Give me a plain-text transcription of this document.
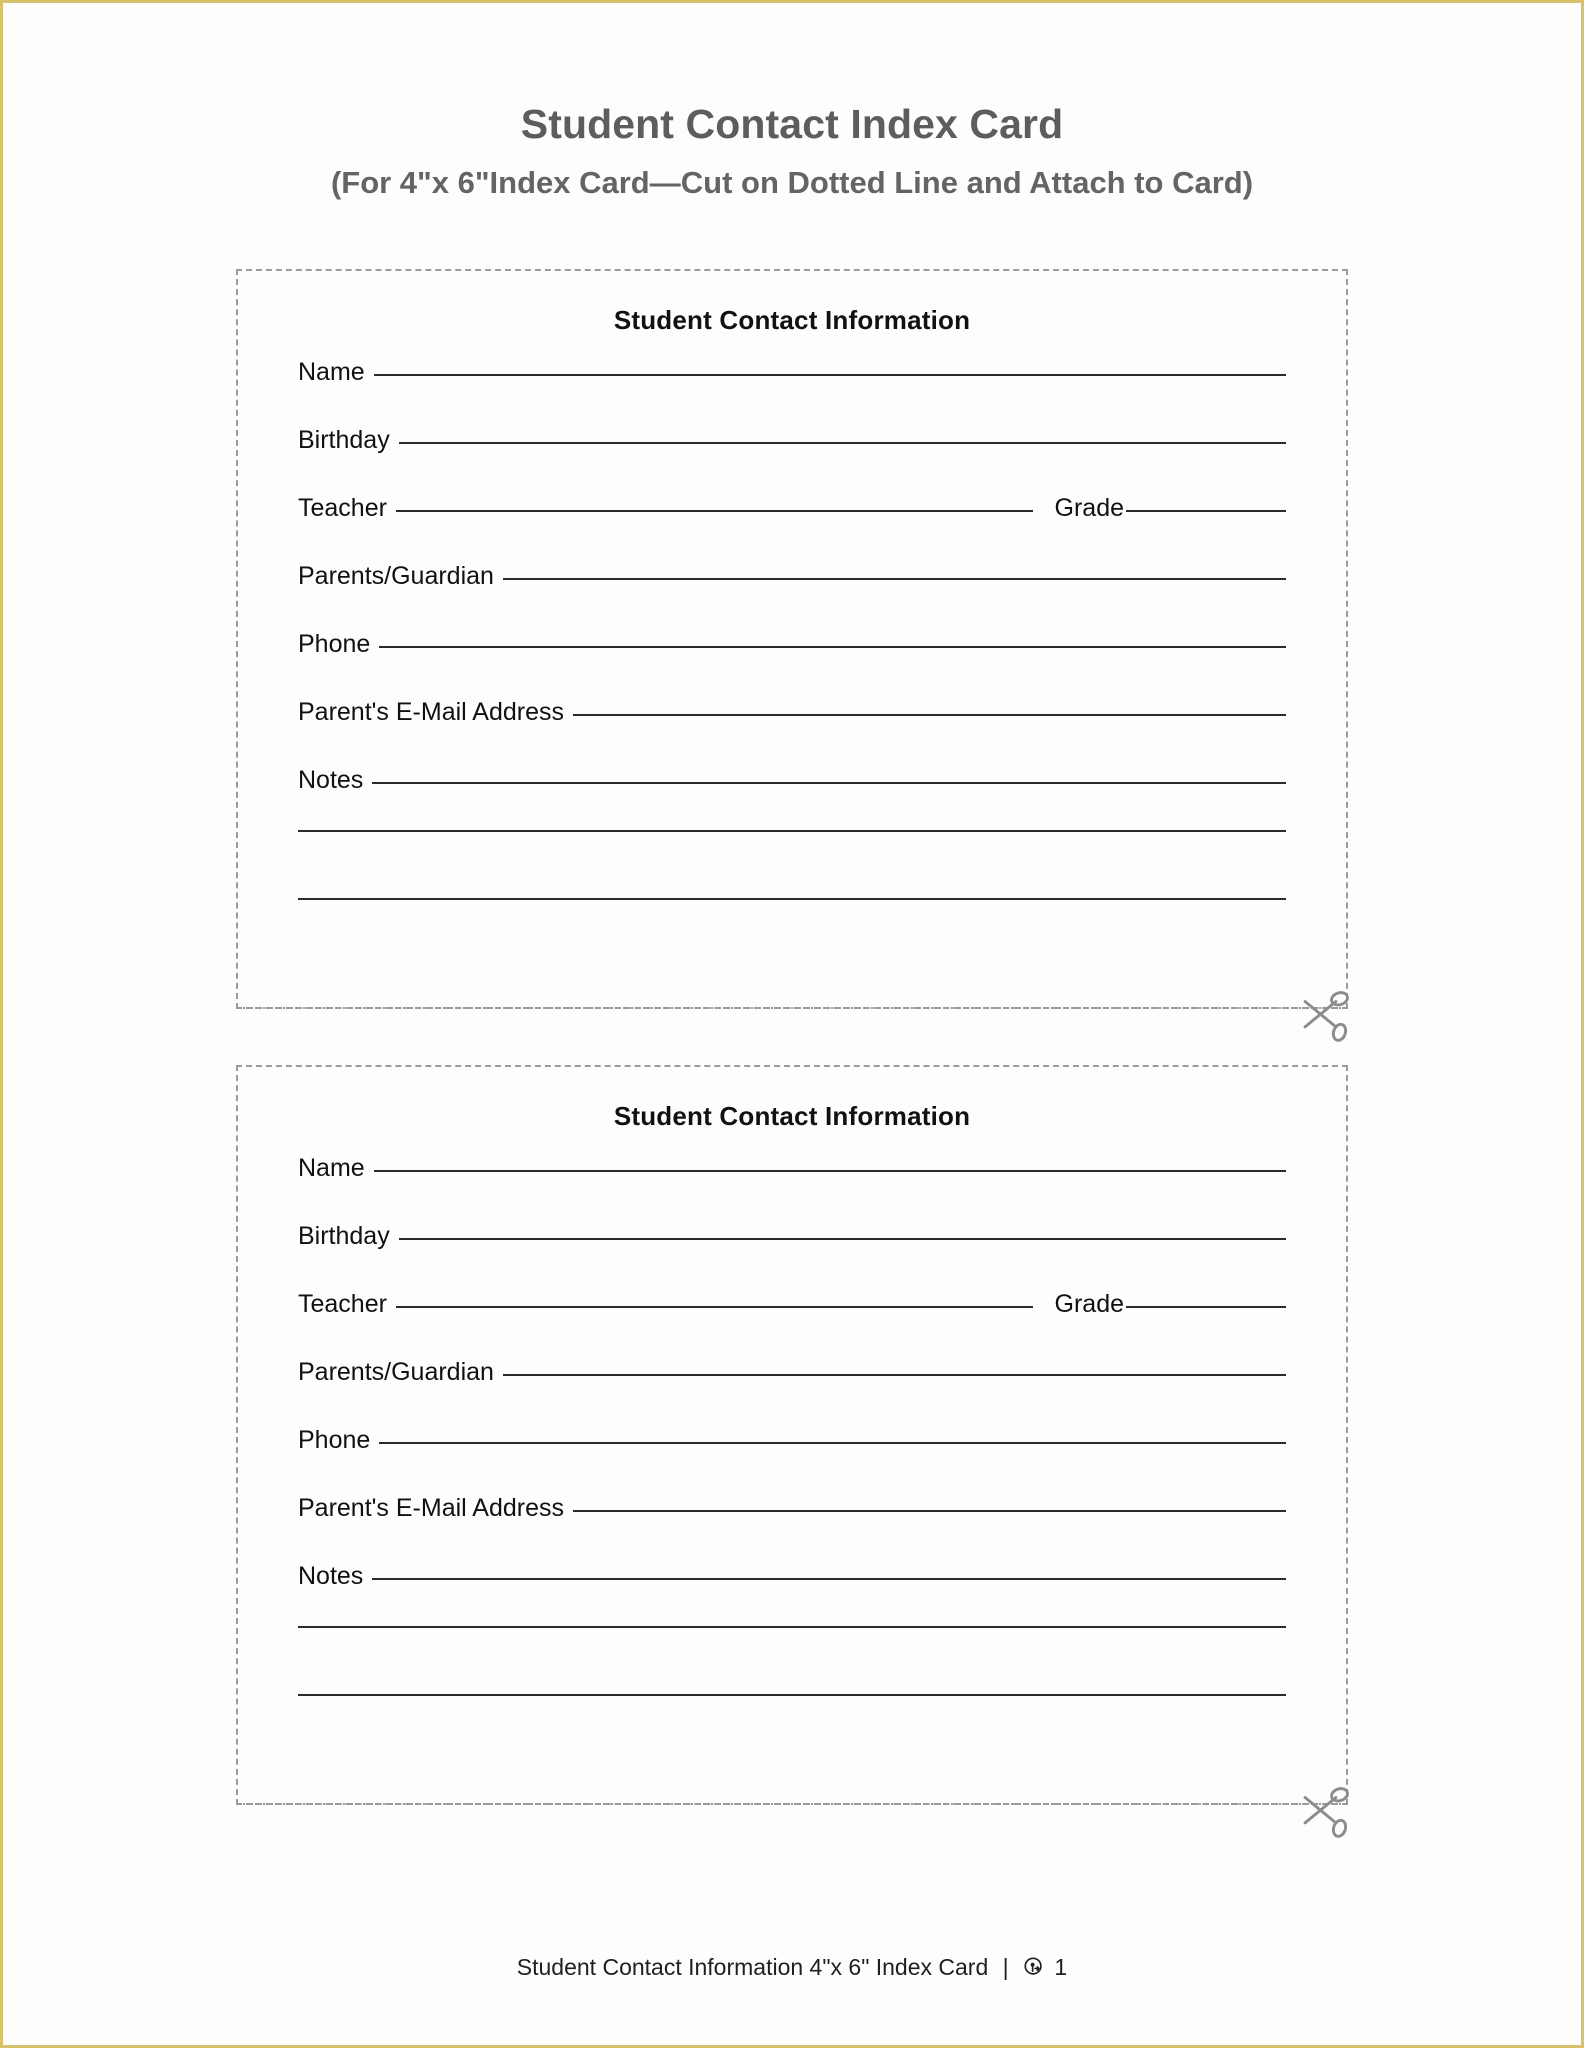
Student Contact Index Card
(For 4"x 6"Index Card—Cut on Dotted Line and Attach to Card)
Student Contact Information
Name
Birthday
Teacher	Grade
Parents/Guardian
Phone
Parent's E-Mail Address
Notes
Student Contact Information
Name
Birthday
Teacher	Grade
Parents/Guardian
Phone
Parent's E-Mail Address
Notes
Student Contact Information 4"x 6" Index Card | 1
